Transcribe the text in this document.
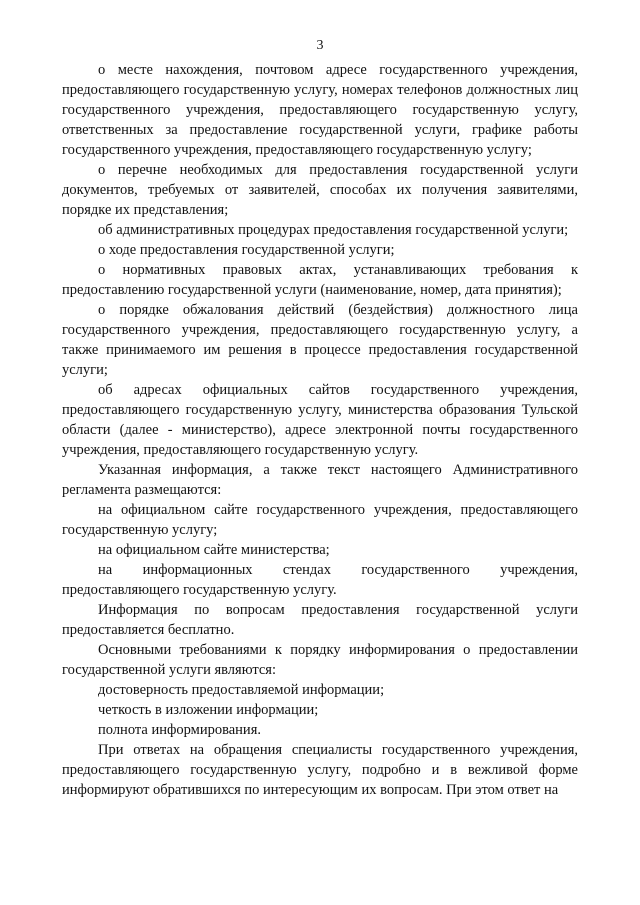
3

о месте нахождения, почтовом адресе государственного учреждения, предоставляющего государственную услугу, номерах телефонов должностных лиц государственного учреждения, предоставляющего государственную услугу, ответственных за предоставление государственной услуги, графике работы государственного учреждения, предоставляющего государственную услугу;

о перечне необходимых для предоставления государственной услуги документов, требуемых от заявителей, способах их получения заявителями, порядке их представления;

об административных процедурах предоставления государственной услуги;

о ходе предоставления государственной услуги;

о нормативных правовых актах, устанавливающих требования к предоставлению государственной услуги (наименование, номер, дата принятия);

о порядке обжалования действий (бездействия) должностного лица государственного учреждения, предоставляющего государственную услугу, а также принимаемого им решения в процессе предоставления государственной услуги;

об адресах официальных сайтов государственного учреждения, предоставляющего государственную услугу, министерства образования Тульской области (далее - министерство), адресе электронной почты государственного учреждения, предоставляющего государственную услугу.

Указанная информация, а также текст настоящего Административного регламента размещаются:

на официальном сайте государственного учреждения, предоставляющего государственную услугу;

на официальном сайте министерства;

на информационных стендах государственного учреждения, предоставляющего государственную услугу.

Информация по вопросам предоставления государственной услуги предоставляется бесплатно.

Основными требованиями к порядку информирования о предоставлении государственной услуги являются:

достоверность предоставляемой информации;

четкость в изложении информации;

полнота информирования.

При ответах на обращения специалисты государственного учреждения, предоставляющего государственную услугу, подробно и в вежливой форме информируют обратившихся по интересующим их вопросам. При этом ответ на
